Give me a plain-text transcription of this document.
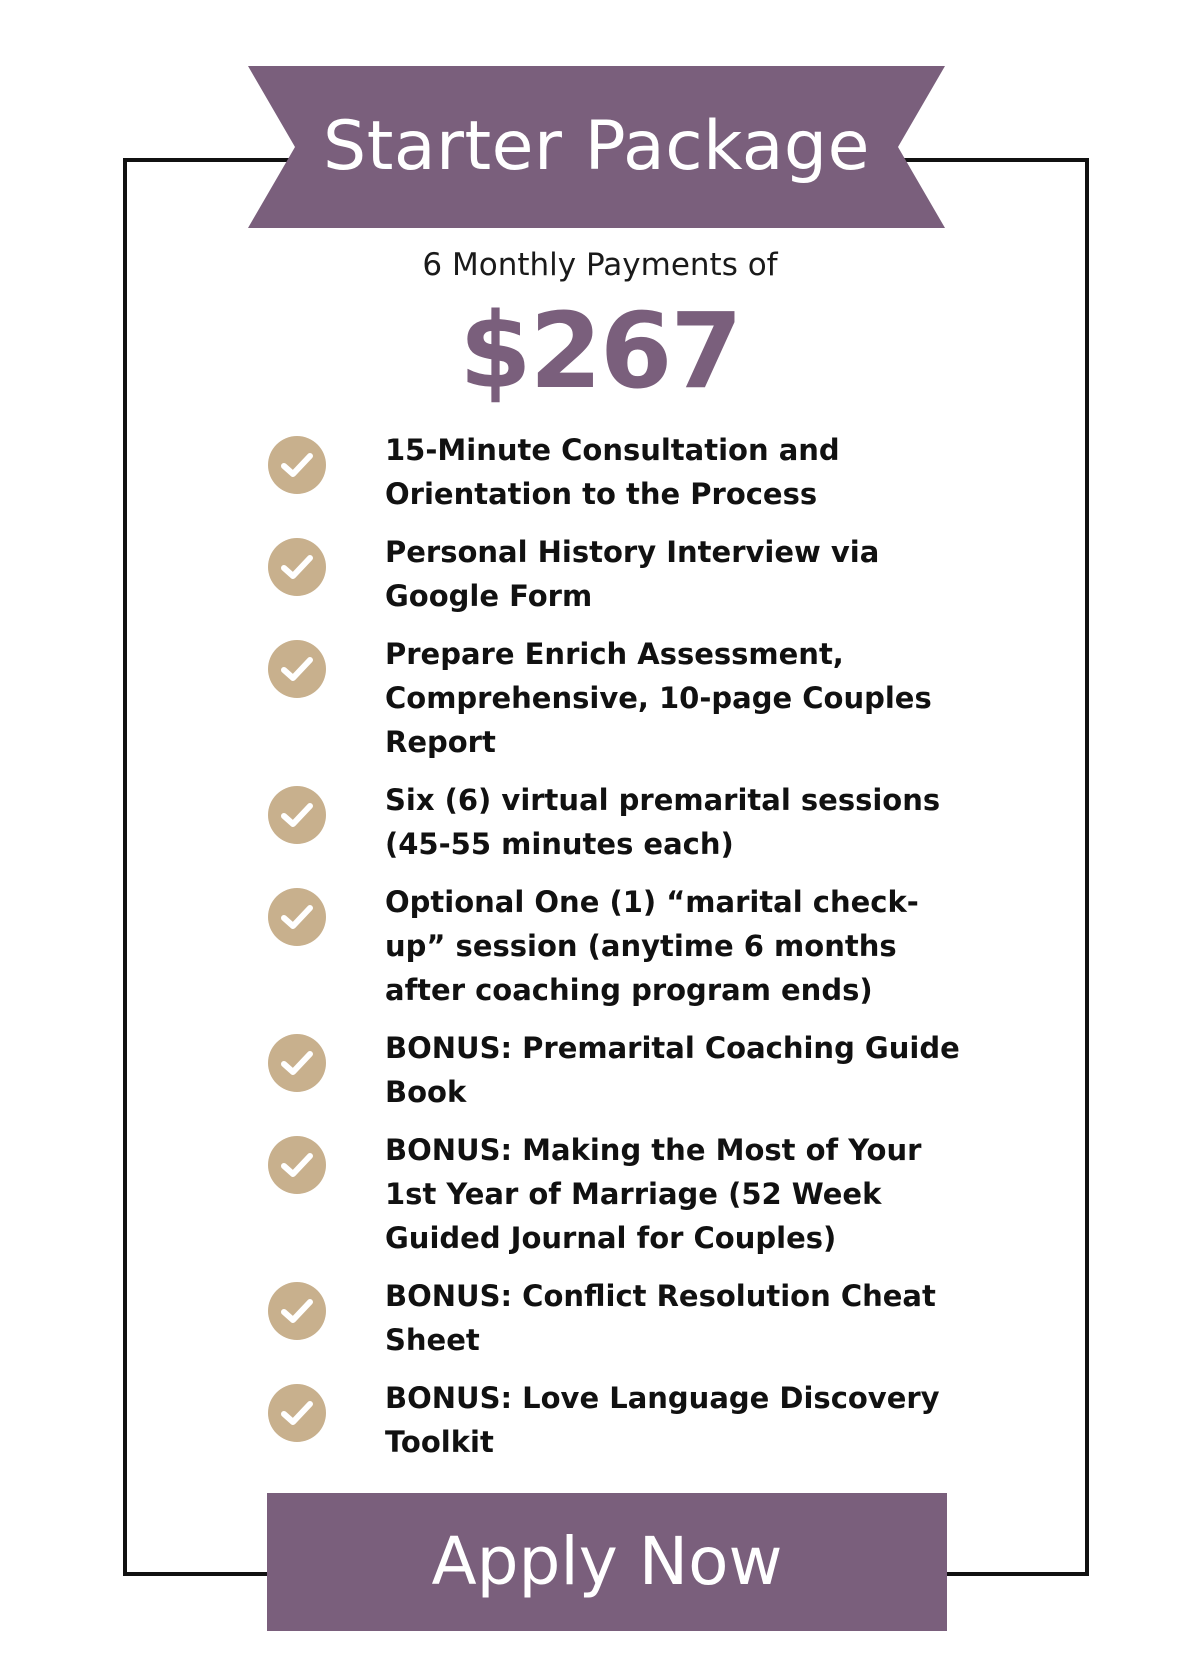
Starter Package
6 Monthly Payments of
$267
15-Minute Consultation and Orientation to the Process
Personal History Interview via Google Form
Prepare Enrich Assessment, Comprehensive, 10-page Couples Report
Six (6) virtual premarital sessions (45-55 minutes each)
Optional One (1) “marital check-up” session (anytime 6 months after coaching program ends)
BONUS: Premarital Coaching Guide Book
BONUS: Making the Most of Your 1st Year of Marriage (52 Week Guided Journal for Couples)
BONUS: Conflict Resolution Cheat Sheet
BONUS: Love Language Discovery Toolkit
Apply Now
